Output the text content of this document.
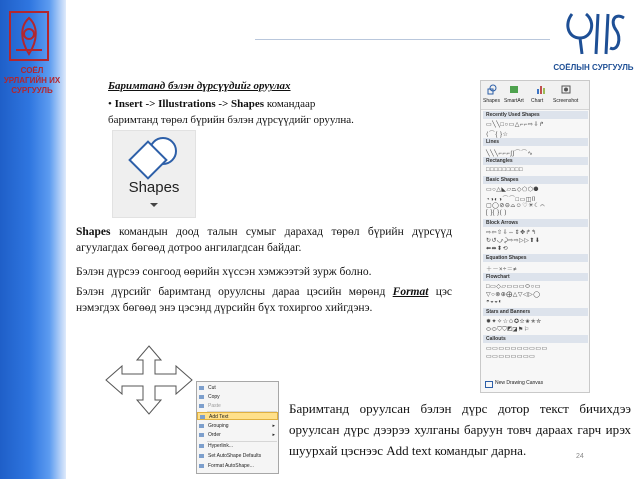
СОЁЛ УРЛАГИЙН ИХ СУРГУУЛЬ
СОЁЛЫН СУРГУУЛЬ
Баримтанд бэлэн дүрсүүдийг оруулах
• Insert -> Illustrations -> Shapes командаар
баримтанд төрөл бүрийн бэлэн дүрсүүдийг оруулна.
Shapes
Shapes командын доод талын сумыг дарахад төрөл бүрийн дүрсүүд агуулагдах бөгөөд дотроо ангилагдсан байдаг.
Бэлэн дүрсээ сонгоод өөрийн хүссэн хэмжээтэй зурж болно.
Бэлэн дүрсийг баримтанд оруулсны дараа цэсийн мөрөнд Format цэс нэмэгдэх бөгөөд энэ цэсэнд дүрсийн бүх тохиргоо хийгдэнэ.
Shapes SmartArt Chart Screenshot
New Drawing Canvas
Recently Used Shapes
▭╲╲□○▭△⌐⌐⇨⇩↱
⟨⌒{ }☆
Lines
╲╲╲⌐⌐⌐∫∫⌒⌒∿
Rectangles
□□□□□□□□□
Basic Shapes
▭○△◣▱⏢◇⬠⬡⯃
◔◑◐◑⌒⌒□▭◫⌷
▢◯⊘⊖⌓☺♡☀☾⌒
[ ]{ }( )
Block Arrows
⇨⇦⇧⇩⇔⇕✥↱↰
↻↺⤻⤸⇨⇨▷▷⬆⬇
⬅⬌⬍⟲
Equation Shapes
＋－×÷＝≠
Flowchart
□▭◇▱▭▭▭⬭○▭
▽○⊗⊕⨁△▽◁▷◯
◓◒◒◐
Stars and Banners
✹✦✧☆✩✪✫✬✭✮
⬭⬭⛉⛉◩◪⚑⚐
Callouts
▭▭▭▭▭▭▭▭▭▭
▭▭▭▭▭▭▭▭
Cut
Copy
Paste
Add Text
Grouping	▸
Order	▸
Hyperlink...
Set AutoShape Defaults
Format AutoShape...
Баримтанд оруулсан бэлэн дүрс дотор текст бичихдээ оруулсан дүрс дээрээ хулганы баруун товч дараах гарч ирэх шуурхай цэснээс Add text командыг дарна.	24
